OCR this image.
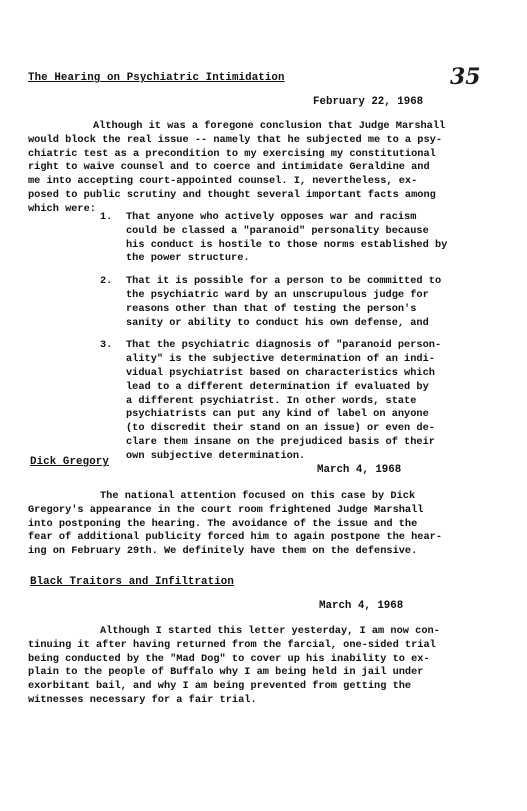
35
The Hearing on Psychiatric Intimidation
February 22, 1968
Although it was a foregone conclusion that Judge Marshall
would block the real issue -- namely that he subjected me to a psy-
chiatric test as a precondition to my exercising my constitutional
right to waive counsel and to coerce and intimidate Geraldine and
me into accepting court-appointed counsel. I, nevertheless, ex-
posed to public scrutiny and thought several important facts among
which were:
1.	That anyone who actively opposes war and racism
could be classed a "paranoid" personality because
his conduct is hostile to those norms established by
the power structure.
2.	That it is possible for a person to be committed to
the psychiatric ward by an unscrupulous judge for
reasons other than that of testing the person's
sanity or ability to conduct his own defense, and
3.	That the psychiatric diagnosis of "paranoid person-
ality" is the subjective determination of an indi-
vidual psychiatrist based on characteristics which
lead to a different determination if evaluated by
a different psychiatrist. In other words, state
psychiatrists can put any kind of label on anyone
(to discredit their stand on an issue) or even de-
clare them insane on the prejudiced basis of their
own subjective determination.
Dick Gregory
March 4, 1968
The national attention focused on this case by Dick
Gregory's appearance in the court room frightened Judge Marshall
into postponing the hearing. The avoidance of the issue and the
fear of additional publicity forced him to again postpone the hear-
ing on February 29th. We definitely have them on the defensive.
Black Traitors and Infiltration
March 4, 1968
Although I started this letter yesterday, I am now con-
tinuing it after having returned from the farcial, one-sided trial
being conducted by the "Mad Dog" to cover up his inability to ex-
plain to the people of Buffalo why I am being held in jail under
exorbitant bail, and why I am being prevented from getting the
witnesses necessary for a fair trial.
